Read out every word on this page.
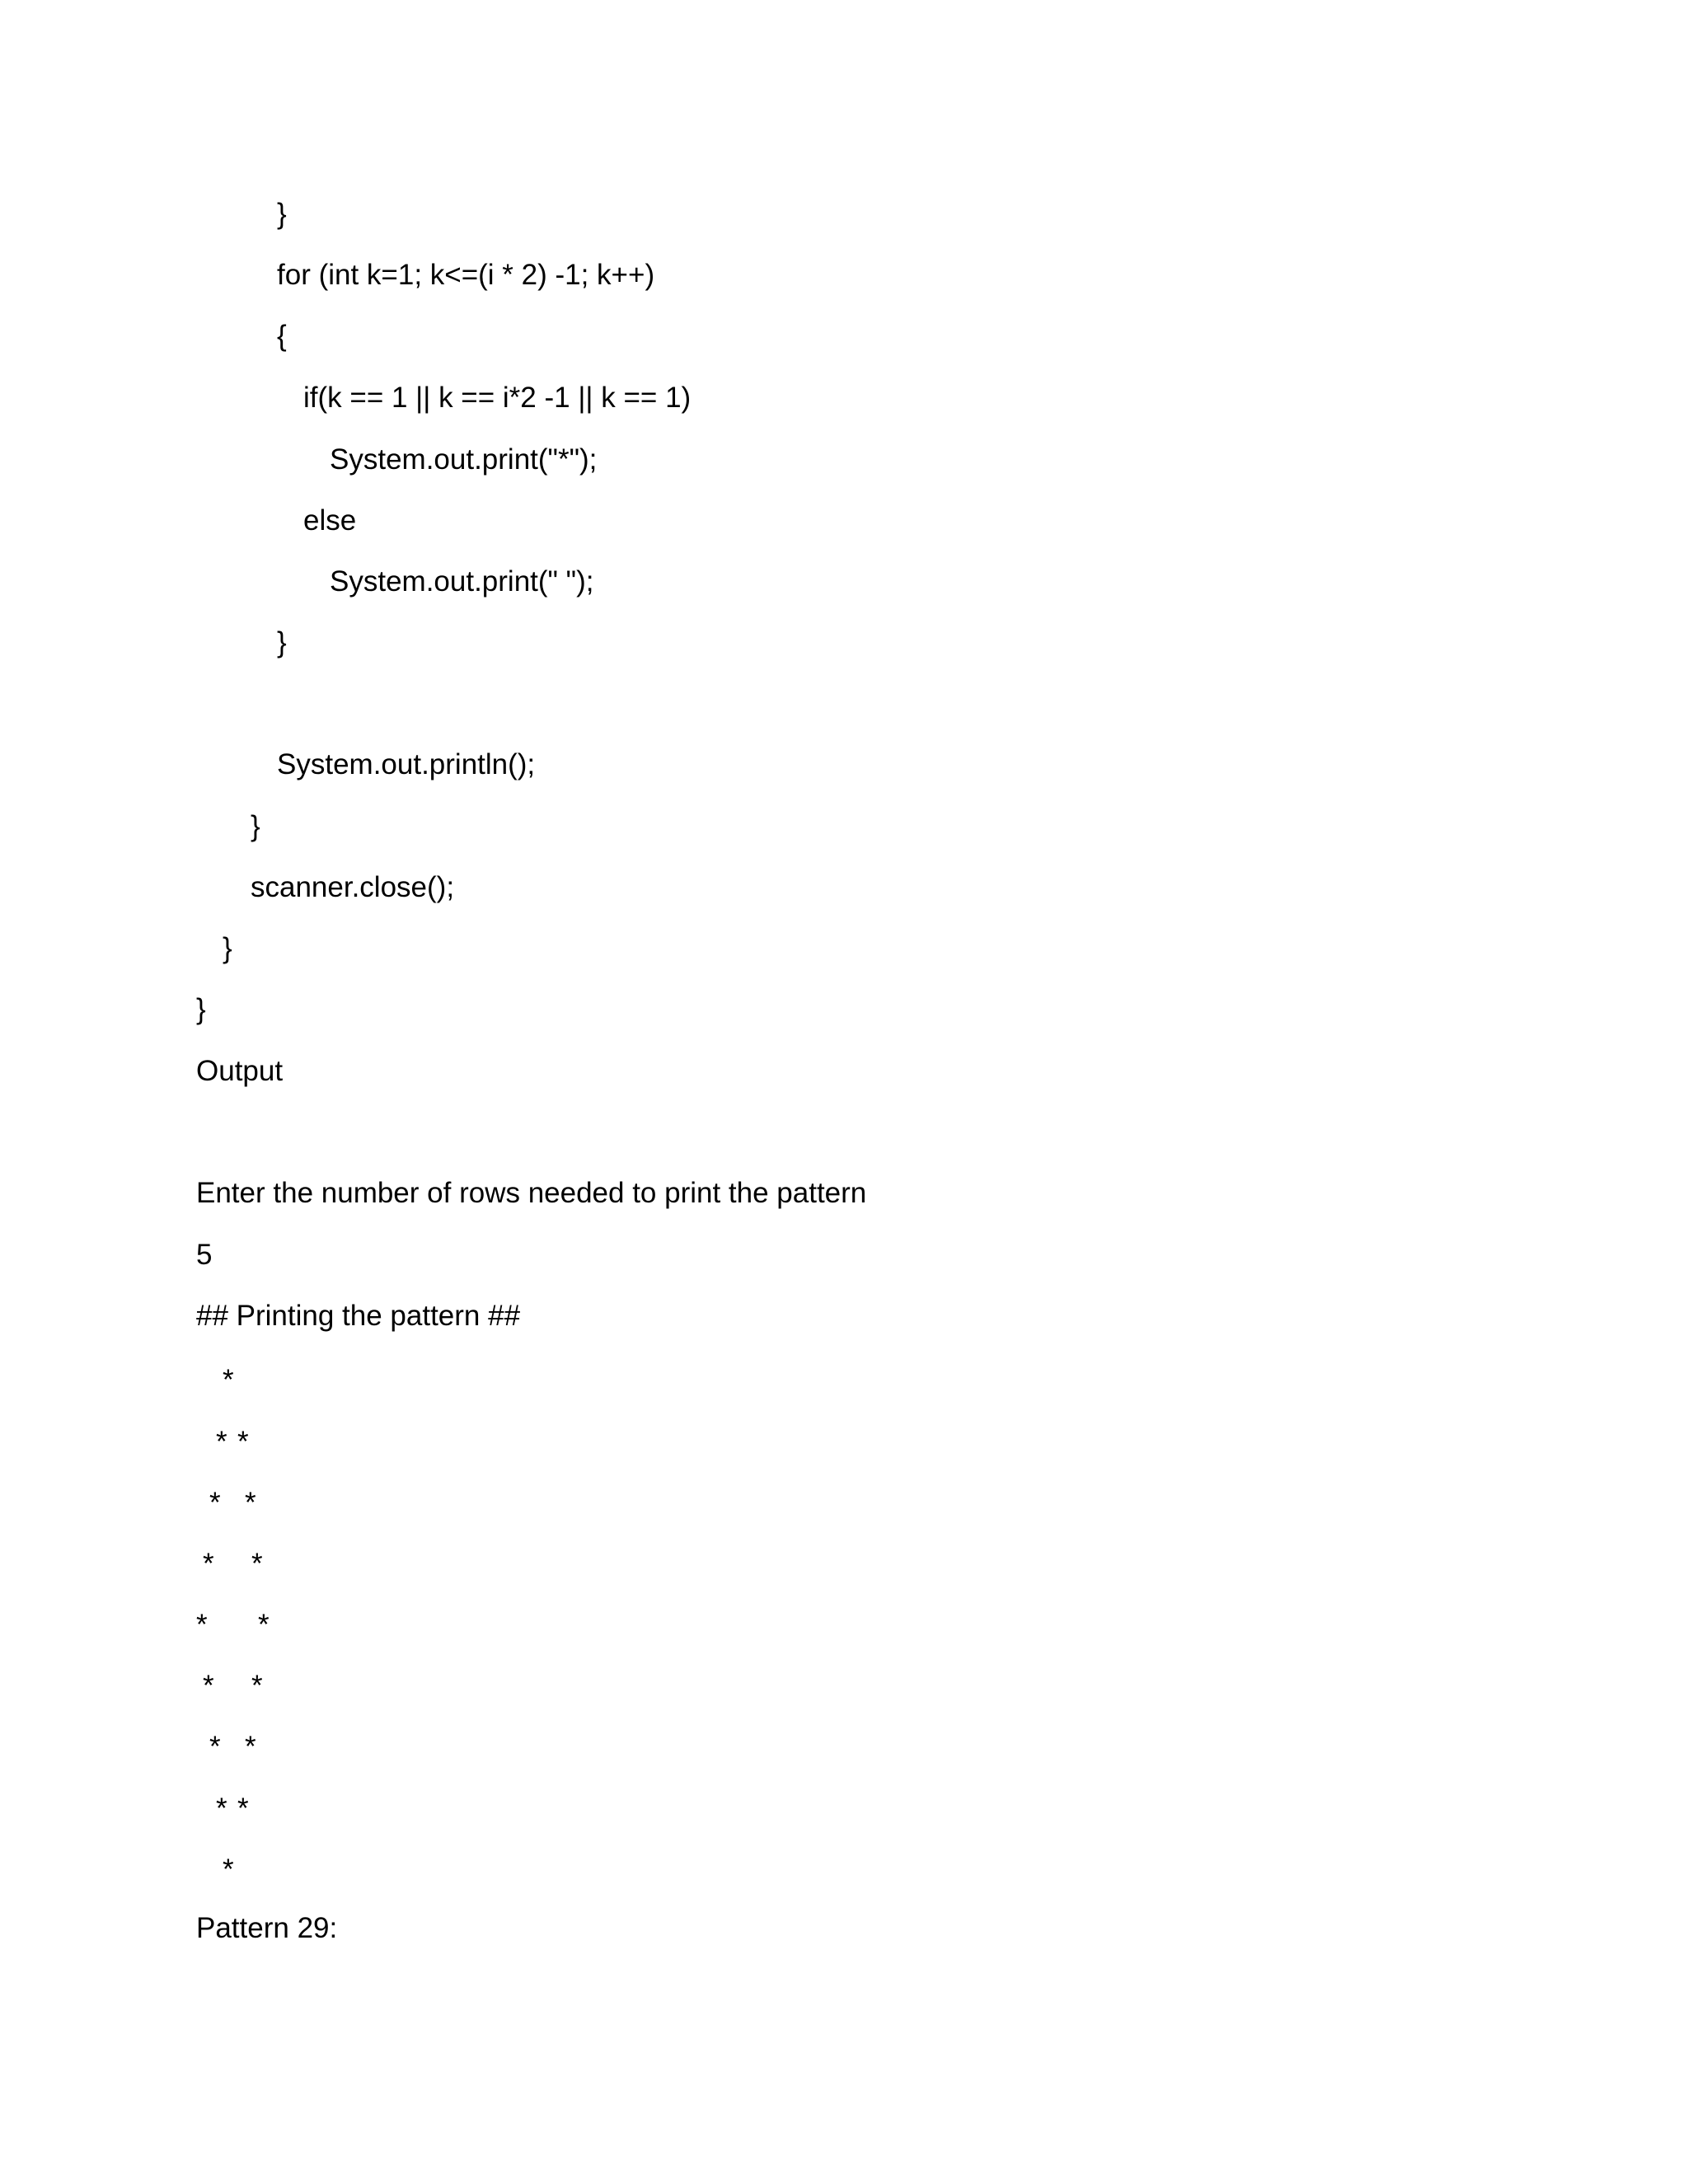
}

for (int k=1; k<=(i * 2) -1; k++)

{

if(k == 1 || k == i*2 -1 || k == 1)

System.out.print("*");

else

System.out.print(" ");

}

System.out.println();

}

scanner.close();

}

}

Output

Enter the number of rows needed to print the pattern

5

## Printing the pattern ##

*
* *
* *
* *
* *
* *
* *
* *
*

Pattern 29:
